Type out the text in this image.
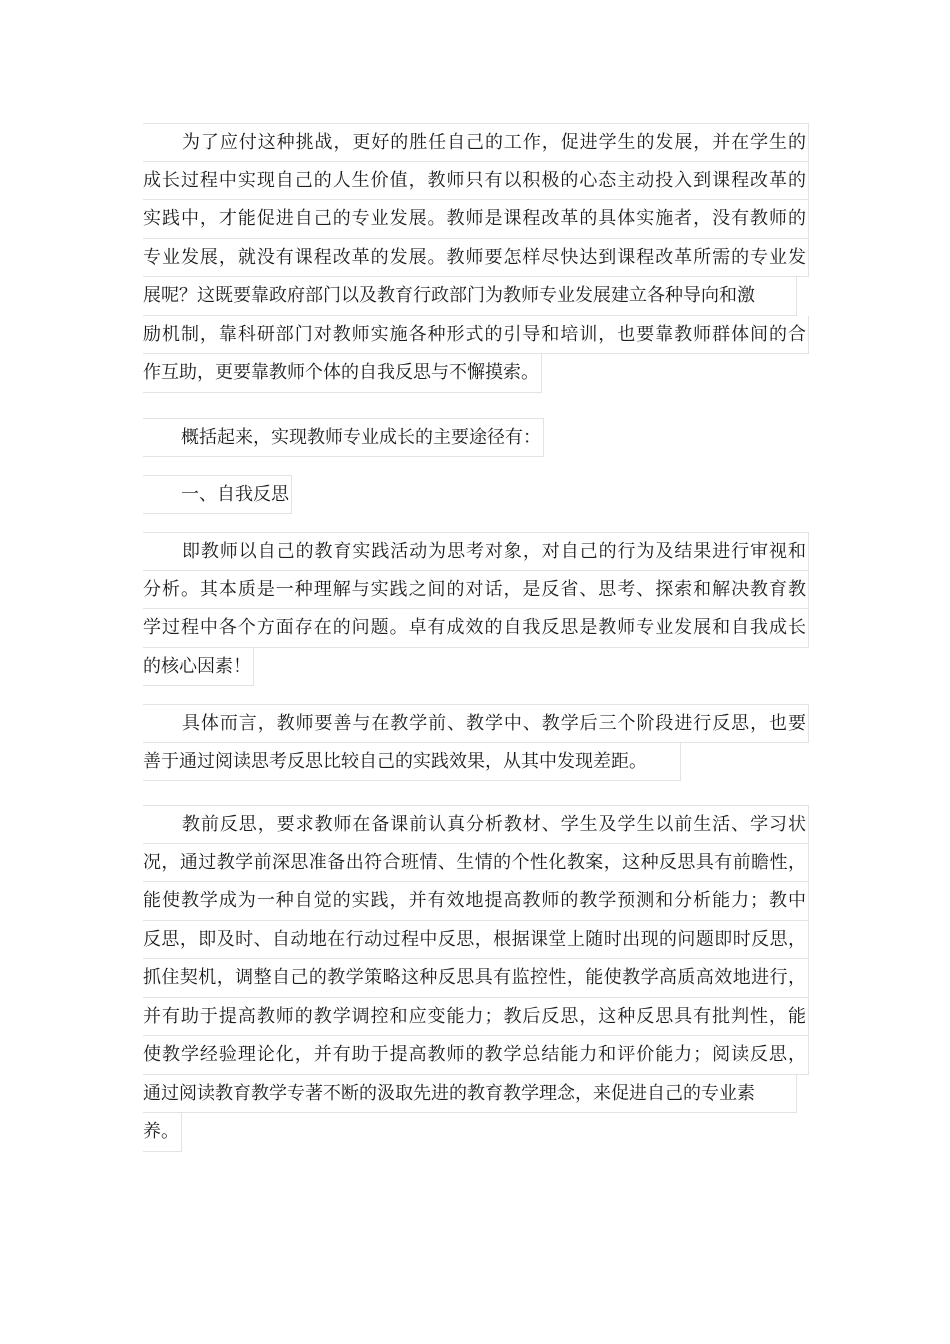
为了应付这种挑战，更好的胜任自己的工作，促进学生的发展，并在学生的
成长过程中实现自己的人生价值，教师只有以积极的心态主动投入到课程改革的
实践中，才能促进自己的专业发展。教师是课程改革的具体实施者，没有教师的
专业发展，就没有课程改革的发展。教师要怎样尽快达到课程改革所需的专业发
展呢？这既要靠政府部门以及教育行政部门为教师专业发展建立各种导向和激
励机制，靠科研部门对教师实施各种形式的引导和培训，也要靠教师群体间的合
作互助，更要靠教师个体的自我反思与不懈摸索。
概括起来，实现教师专业成长的主要途径有：
一、自我反思
即教师以自己的教育实践活动为思考对象，对自己的行为及结果进行审视和
分析。其本质是一种理解与实践之间的对话，是反省、思考、探索和解决教育教
学过程中各个方面存在的问题。卓有成效的自我反思是教师专业发展和自我成长
的核心因素！
具体而言，教师要善与在教学前、教学中、教学后三个阶段进行反思，也要
善于通过阅读思考反思比较自己的实践效果，从其中发现差距。
教前反思，要求教师在备课前认真分析教材、学生及学生以前生活、学习状
况，通过教学前深思准备出符合班情、生情的个性化教案，这种反思具有前瞻性，
能使教学成为一种自觉的实践，并有效地提高教师的教学预测和分析能力；教中
反思，即及时、自动地在行动过程中反思，根据课堂上随时出现的问题即时反思，
抓住契机，调整自己的教学策略这种反思具有监控性，能使教学高质高效地进行，
并有助于提高教师的教学调控和应变能力；教后反思，这种反思具有批判性，能
使教学经验理论化，并有助于提高教师的教学总结能力和评价能力；阅读反思，
通过阅读教育教学专著不断的汲取先进的教育教学理念，来促进自己的专业素
养。
